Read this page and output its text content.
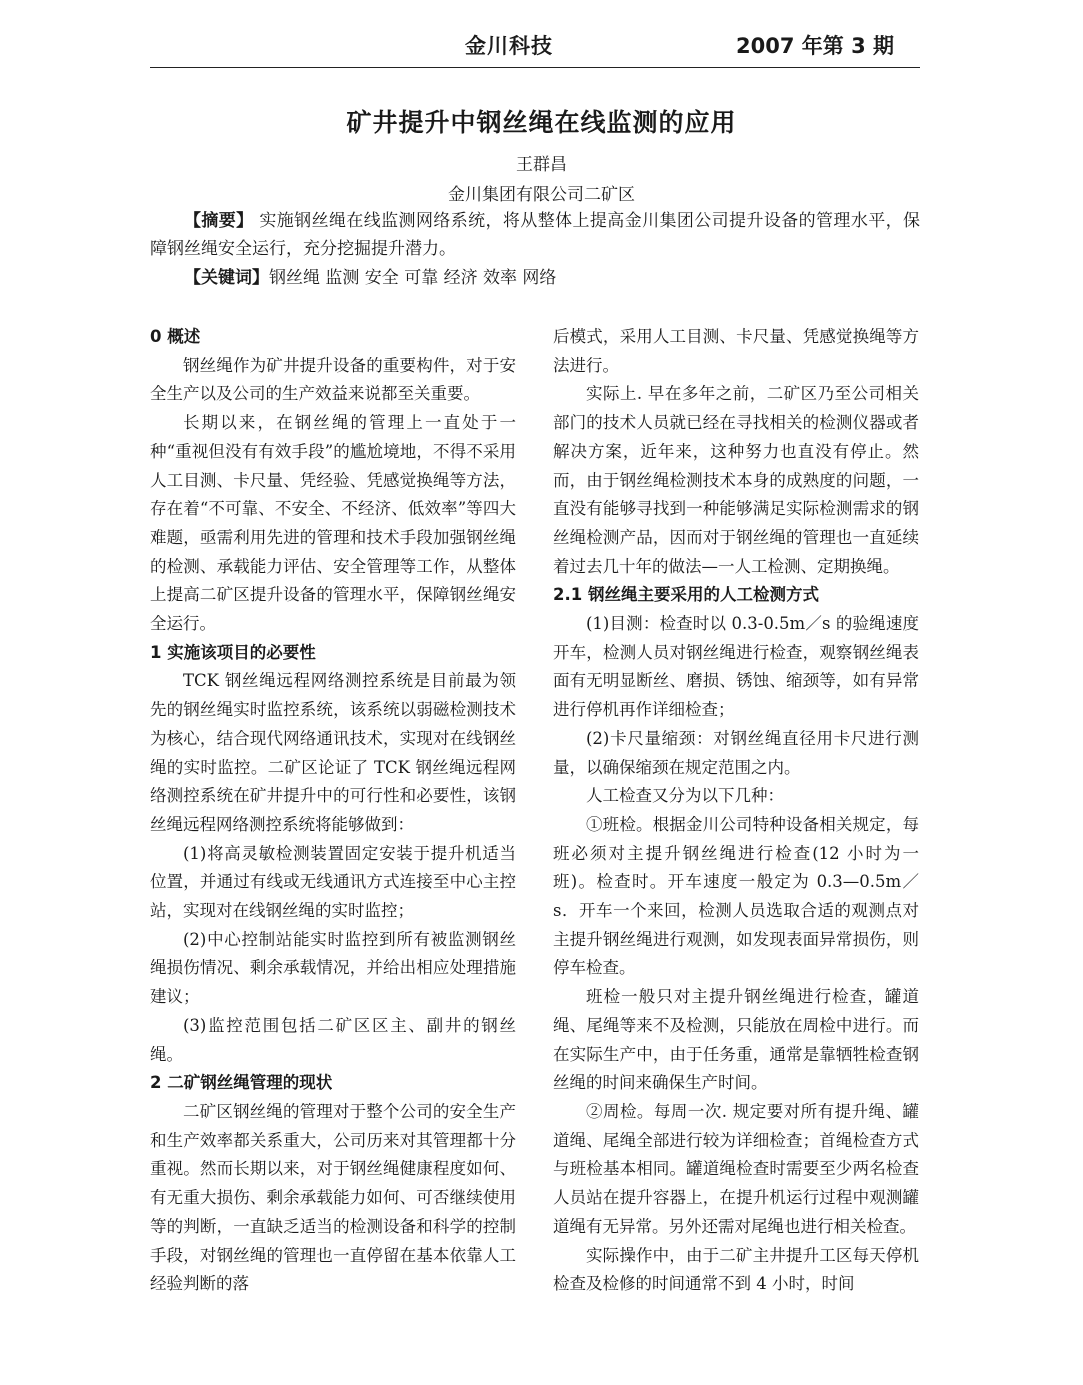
金川科技	2007 年第 3 期
矿井提升中钢丝绳在线监测的应用
王群昌
金川集团有限公司二矿区
【摘要】 实施钢丝绳在线监测网络系统，将从整体上提高金川集团公司提升设备的管理水平，保障钢丝绳安全运行，充分挖掘提升潜力。
【关键词】钢丝绳 监测 安全 可靠 经济 效率 网络
0 概述

钢丝绳作为矿井提升设备的重要构件，对于安全生产以及公司的生产效益来说都至关重要。

长期以来，在钢丝绳的管理上一直处于一种“重视但没有有效手段”的尴尬境地，不得不采用人工目测、卡尺量、凭经验、凭感觉换绳等方法，存在着“不可靠、不安全、不经济、低效率”等四大难题，亟需利用先进的管理和技术手段加强钢丝绳的检测、承载能力评估、安全管理等工作，从整体上提高二矿区提升设备的管理水平，保障钢丝绳安全运行。

1 实施该项目的必要性

TCK 钢丝绳远程网络测控系统是目前最为领先的钢丝绳实时监控系统，该系统以弱磁检测技术为核心，结合现代网络通讯技术，实现对在线钢丝绳的实时监控。二矿区论证了 TCK 钢丝绳远程网络测控系统在矿井提升中的可行性和必要性，该钢丝绳远程网络测控系统将能够做到：

(1)将高灵敏检测装置固定安装于提升机适当位置，并通过有线或无线通讯方式连接至中心主控站，实现对在线钢丝绳的实时监控；

(2)中心控制站能实时监控到所有被监测钢丝绳损伤情况、剩余承载情况，并给出相应处理措施建议；

(3)监控范围包括二矿区区主、副井的钢丝绳。

2 二矿钢丝绳管理的现状

二矿区钢丝绳的管理对于整个公司的安全生产和生产效率都关系重大，公司历来对其管理都十分重视。然而长期以来，对于钢丝绳健康程度如何、有无重大损伤、剩余承载能力如何、可否继续使用等的判断，一直缺乏适当的检测设备和科学的控制手段，对钢丝绳的管理也一直停留在基本依靠人工经验判断的落

后模式，采用人工目测、卡尺量、凭感觉换绳等方法进行。

实际上. 早在多年之前，二矿区乃至公司相关部门的技术人员就已经在寻找相关的检测仪器或者解决方案，近年来，这种努力也直没有停止。然而，由于钢丝绳检测技术本身的成熟度的问题，一直没有能够寻找到一种能够满足实际检测需求的钢丝绳检测产品，因而对于钢丝绳的管理也一直延续着过去几十年的做法—一人工检测、定期换绳。

2.1 钢丝绳主要采用的人工检测方式

(1)目测：检查时以 0.3-0.5m／s 的验绳速度开车，检测人员对钢丝绳进行检查，观察钢丝绳表面有无明显断丝、磨损、锈蚀、缩颈等，如有异常进行停机再作详细检查；

(2)卡尺量缩颈：对钢丝绳直径用卡尺进行测量，以确保缩颈在规定范围之内。

人工检查又分为以下几种：

①班检。根据金川公司特种设备相关规定，每班必须对主提升钢丝绳进行检查(12 小时为一班)。检查时。开车速度一般定为 0.3—0.5m／s．开车一个来回，检测人员选取合适的观测点对主提升钢丝绳进行观测，如发现表面异常损伤，则停车检查。

班检一般只对主提升钢丝绳进行检查，罐道绳、尾绳等来不及检测，只能放在周检中进行。而在实际生产中，由于任务重，通常是靠牺牲检查钢丝绳的时间来确保生产时间。

②周检。每周一次. 规定要对所有提升绳、罐道绳、尾绳全部进行较为详细检查；首绳检查方式与班检基本相同。罐道绳检查时需要至少两名检查人员站在提升容器上，在提升机运行过程中观测罐道绳有无异常。另外还需对尾绳也进行相关检查。

实际操作中，由于二矿主井提升工区每天停机检查及检修的时间通常不到 4 小时，时间
